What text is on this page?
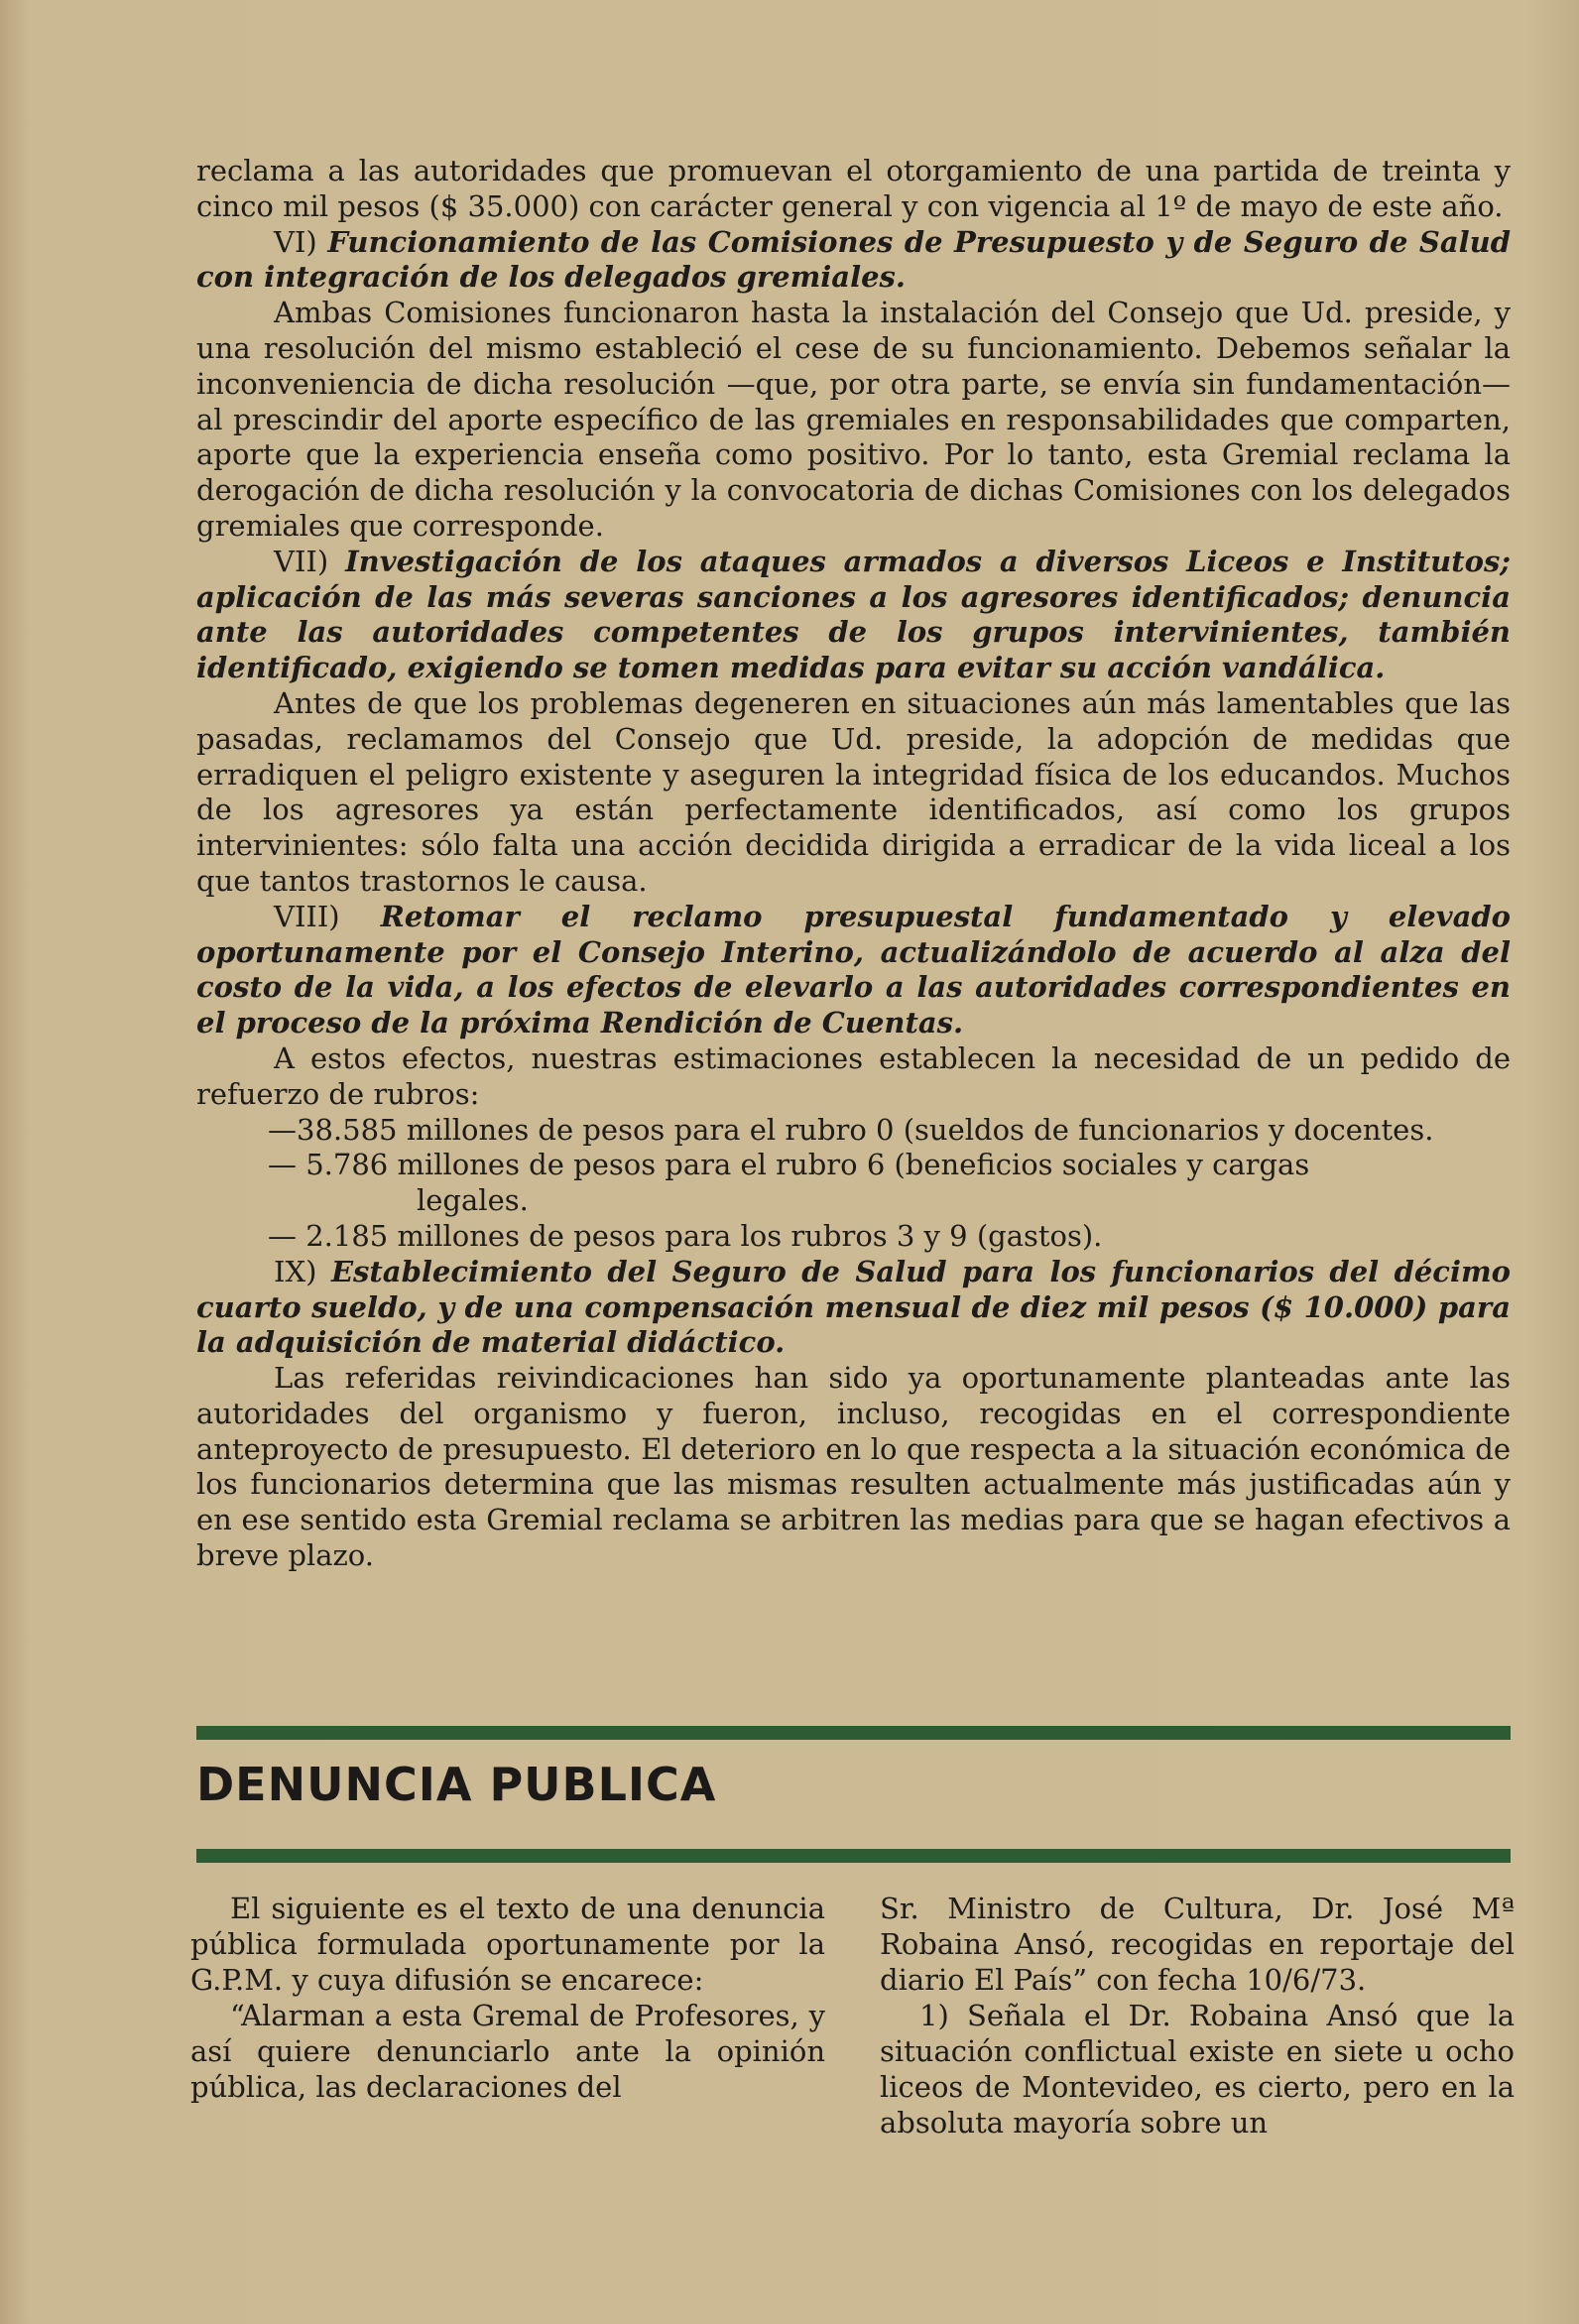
reclama a las autoridades que promuevan el otorgamiento de una partida de treinta y cinco mil pesos ($ 35.000) con carácter general y con vigencia al 1º de mayo de este año.

VI) Funcionamiento de las Comisiones de Presupuesto y de Seguro de Salud con integración de los delegados gremiales.

Ambas Comisiones funcionaron hasta la instalación del Consejo que Ud. preside, y una resolución del mismo estableció el cese de su funcionamiento. Debemos señalar la inconveniencia de dicha resolución —que, por otra parte, se envía sin fundamentación— al prescindir del aporte específico de las gremiales en responsabilidades que comparten, aporte que la experiencia enseña como positivo. Por lo tanto, esta Gremial reclama la derogación de dicha resolución y la convocatoria de dichas Comisiones con los delegados gremiales que corresponde.

VII) Investigación de los ataques armados a diversos Liceos e Institutos; aplicación de las más severas sanciones a los agresores identificados; denuncia ante las autoridades competentes de los grupos intervinientes, también identificado, exigiendo se tomen medidas para evitar su acción vandálica.

Antes de que los problemas degeneren en situaciones aún más lamentables que las pasadas, reclamamos del Consejo que Ud. preside, la adopción de medidas que erradiquen el peligro existente y aseguren la integridad física de los educandos. Muchos de los agresores ya están perfectamente identificados, así como los grupos intervinientes: sólo falta una acción decidida dirigida a erradicar de la vida liceal a los que tantos trastornos le causa.

VIII) Retomar el reclamo presupuestal fundamentado y elevado oportunamente por el Consejo Interino, actualizándolo de acuerdo al alza del costo de la vida, a los efectos de elevarlo a las autoridades correspondientes en el proceso de la próxima Rendición de Cuentas.

A estos efectos, nuestras estimaciones establecen la necesidad de un pedido de refuerzo de rubros:

—38.585 millones de pesos para el rubro 0 (sueldos de funcionarios y docentes.

— 5.786 millones de pesos para el rubro 6 (beneficios sociales y cargas

legales.

— 2.185 millones de pesos para los rubros 3 y 9 (gastos).

IX) Establecimiento del Seguro de Salud para los funcionarios del décimo cuarto sueldo, y de una compensación mensual de diez mil pesos ($ 10.000) para la adquisición de material didáctico.

Las referidas reivindicaciones han sido ya oportunamente planteadas ante las autoridades del organismo y fueron, incluso, recogidas en el correspondiente anteproyecto de presupuesto. El deterioro en lo que respecta a la situación económica de los funcionarios determina que las mismas resulten actualmente más justificadas aún y en ese sentido esta Gremial reclama se arbitren las medias para que se hagan efectivos a breve plazo.

DENUNCIA PUBLICA

El siguiente es el texto de una denuncia pública formulada oportunamente por la G.P.M. y cuya difusión se encarece:

“Alarman a esta Gremal de Profesores, y así quiere denunciarlo ante la opinión pública, las declaraciones del

Sr. Ministro de Cultura, Dr. José Mª Robaina Ansó, recogidas en reportaje del diario El País” con fecha 10/6/73.

1) Señala el Dr. Robaina Ansó que la situación conflictual existe en siete u ocho liceos de Montevideo, es cierto, pero en la absoluta mayoría sobre un
